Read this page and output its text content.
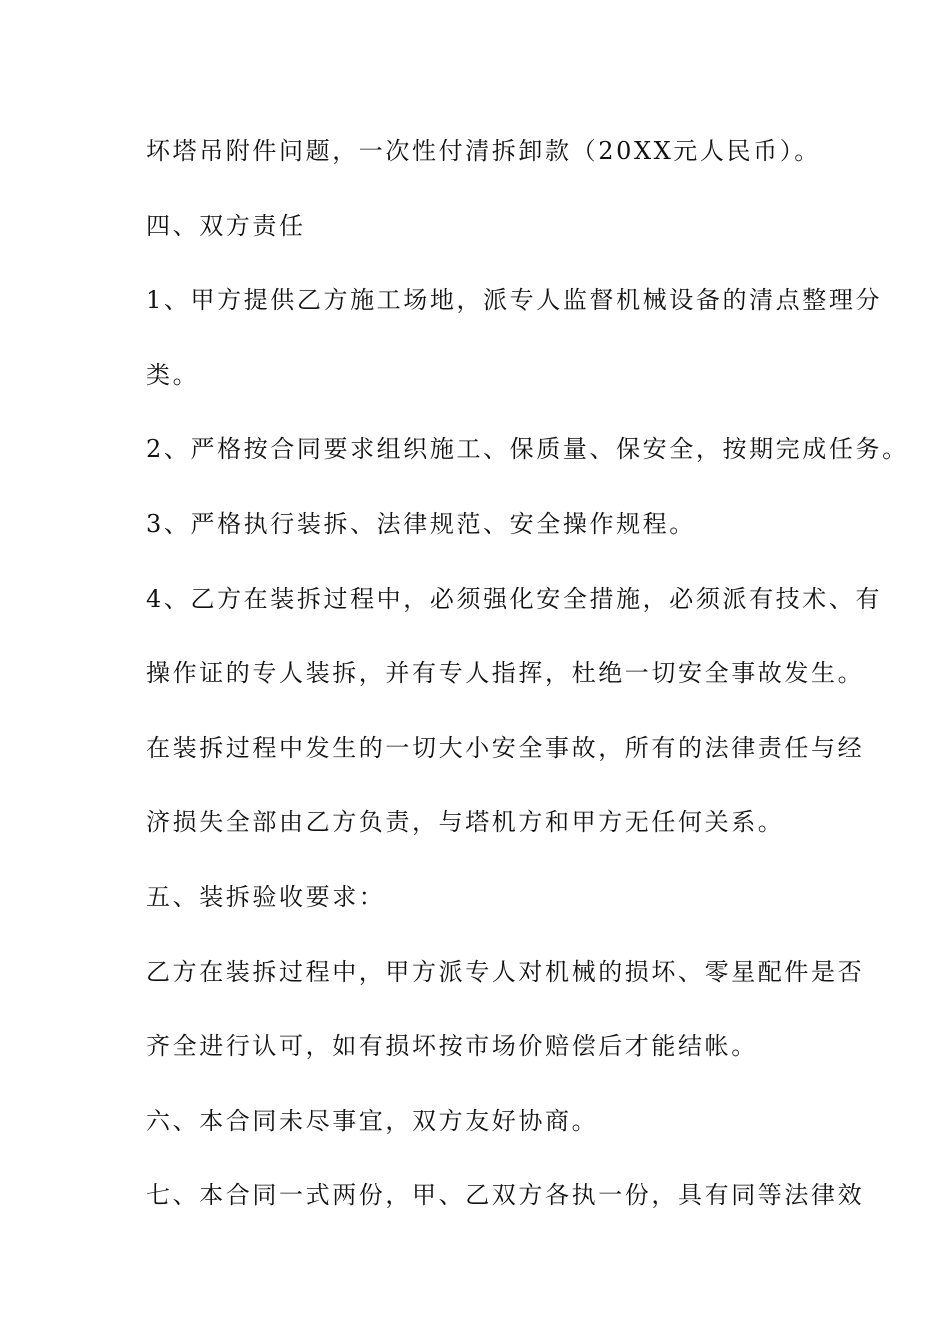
坏塔吊附件问题，一次性付清拆卸款（20XX元人民币）。

四、双方责任

1、甲方提供乙方施工场地，派专人监督机械设备的清点整理分

类。

2、严格按合同要求组织施工、保质量、保安全，按期完成任务。

3、严格执行装拆、法律规范、安全操作规程。

4、乙方在装拆过程中，必须强化安全措施，必须派有技术、有

操作证的专人装拆，并有专人指挥，杜绝一切安全事故发生。

在装拆过程中发生的一切大小安全事故，所有的法律责任与经

济损失全部由乙方负责，与塔机方和甲方无任何关系。

五、装拆验收要求：

乙方在装拆过程中，甲方派专人对机械的损坏、零星配件是否

齐全进行认可，如有损坏按市场价赔偿后才能结帐。

六、本合同未尽事宜，双方友好协商。

七、本合同一式两份，甲、乙双方各执一份，具有同等法律效
